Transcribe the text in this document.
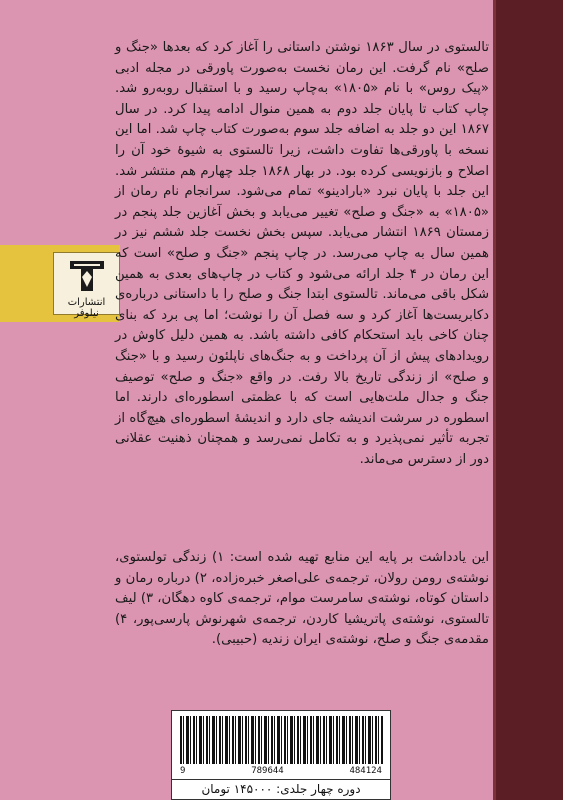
انتشارات نیلوفر
تالستوی در سال ۱۸۶۳ نوشتن داستانی را آغاز کرد که بعدها «جنگ و صلح» نام گرفت. این رمان نخست به‌صورت پاورقی در مجله ادبی «پیک روس» با نام «۱۸۰۵» به‌چاپ رسید و با استقبال روبه‌رو شد. چاپ کتاب تا پایان جلد دوم به همین منوال ادامه پیدا کرد. در سال ۱۸۶۷ این دو جلد به اضافه جلد سوم به‌صورت کتاب چاپ شد. اما این نسخه با پاورقی‌ها تفاوت داشت، زیرا تالستوی به شیوهٔ خود آن را اصلاح و بازنویسی کرده بود. در بهار ۱۸۶۸ جلد چهارم هم منتشر شد. این جلد با پایان نبرد «بارادینو» تمام می‌شود. سرانجام نام رمان از «۱۸۰۵» به «جنگ و صلح» تغییر می‌یابد و بخش آغازین جلد پنجم در زمستان ۱۸۶۹ انتشار می‌یابد. سپس بخش نخست جلد ششم نیز در همین سال به چاپ می‌رسد. در چاپ پنجم «جنگ و صلح» است که این رمان در ۴ جلد ارائه می‌شود و کتاب در چاپ‌های بعدی به همین شکل باقی می‌ماند. تالستوی ابتدا جنگ و صلح را با داستانی درباره‌ی دکابریست‌ها آغاز کرد و سه فصل آن را نوشت؛ اما پی برد که بنای چنان کاخی باید استحکام کافی داشته باشد. به همین دلیل کاوش در رویدادهای پیش از آن پرداخت و به جنگ‌های ناپلئون رسید و با «جنگ و صلح» از زندگی تاریخ بالا رفت. در واقع «جنگ و صلح» توصیف جنگ و جدال ملت‌هایی است که با عظمتی اسطوره‌ای دارند. اما اسطوره در سرشت اندیشه جای دارد و اندیشهٔ اسطوره‌ای هیچ‌گاه از تجربه تأثیر نمی‌پذیرد و به تکامل نمی‌رسد و همچنان ذهنیت عقلانی دور از دسترس می‌ماند.
این یادداشت بر پایه این منابع تهیه شده است: ۱) زندگی تولستوی، نوشته‌ی رومن رولان، ترجمه‌ی علی‌اصغر خبره‌زاده، ۲) درباره رمان و داستان کوتاه، نوشته‌ی سامرست موام، ترجمه‌ی کاوه دهگان، ۳) لیف تالستوی، نوشته‌ی پاتریشیا کاردن، ترجمه‌ی شهرنوش پارسی‌پور، ۴) مقدمه‌ی جنگ و صلح، نوشته‌ی ایران زندیه (حبیبی).
9	789644	484124
دوره چهار جلدی: ۱۴۵۰۰۰ تومان
